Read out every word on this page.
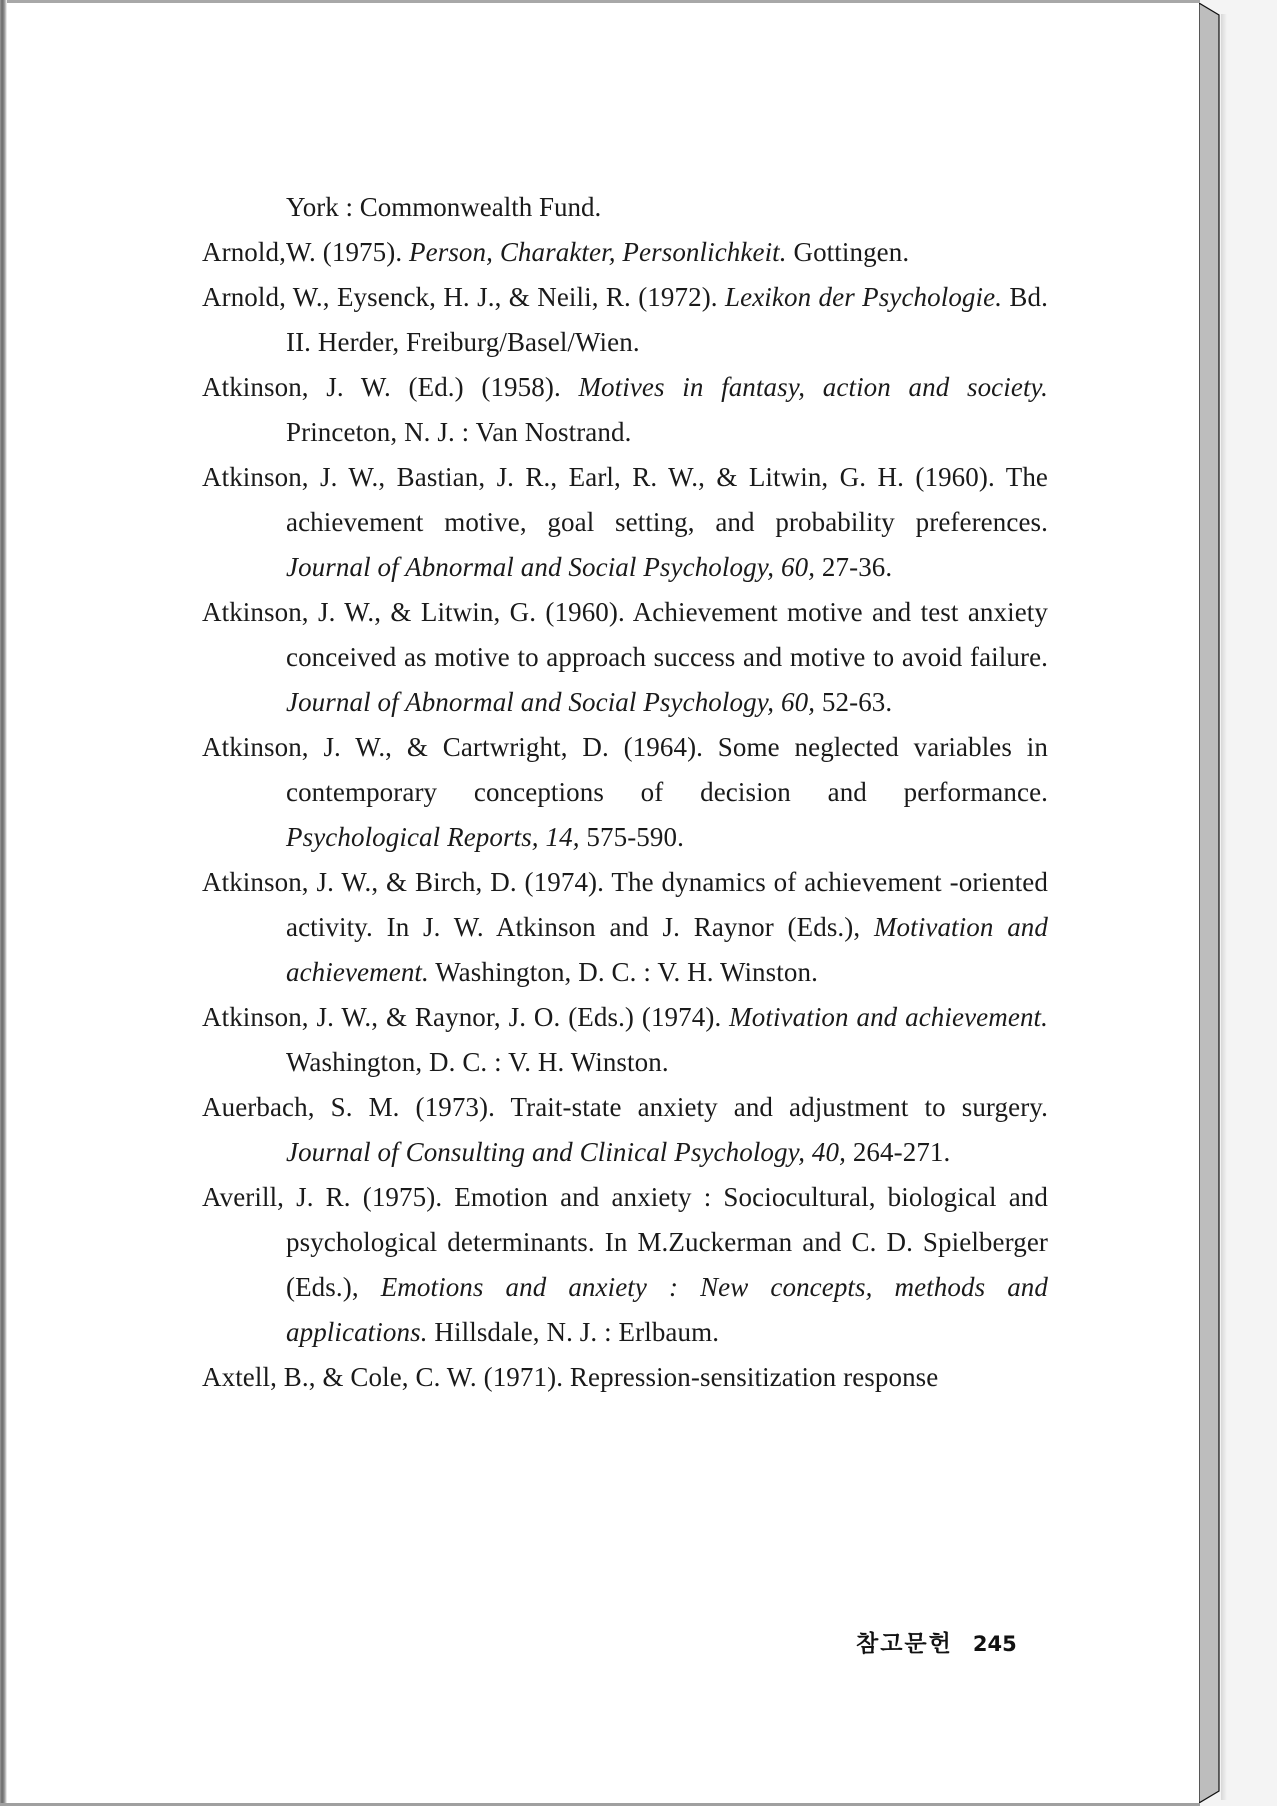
York : Commonwealth Fund.

Arnold,W. (1975). Person, Charakter, Personlichkeit. Gottingen.

Arnold, W., Eysenck, H. J., & Neili, R. (1972). Lexikon der Psychologie. Bd. II. Herder, Freiburg/Basel/Wien.

Atkinson, J. W. (Ed.) (1958). Motives in fantasy, action and society. Princeton, N. J. : Van Nostrand.

Atkinson, J. W., Bastian, J. R., Earl, R. W., & Litwin, G. H. (1960). The achievement motive, goal setting, and probability preferences. Journal of Abnormal and Social Psychology, 60, 27-36.

Atkinson, J. W., & Litwin, G. (1960). Achievement motive and test anxiety conceived as motive to approach success and motive to avoid failure. Journal of Abnormal and Social Psychology, 60, 52-63.

Atkinson, J. W., & Cartwright, D. (1964). Some neglected variables in contemporary conceptions of decision and performance. Psychological Reports, 14, 575-590.

Atkinson, J. W., & Birch, D. (1974). The dynamics of achievement -oriented activity. In J. W. Atkinson and J. Raynor (Eds.), Motivation and achievement. Washington, D. C. : V. H. Winston.

Atkinson, J. W., & Raynor, J. O. (Eds.) (1974). Motivation and achievement. Washington, D. C. : V. H. Winston.

Auerbach, S. M. (1973). Trait-state anxiety and adjustment to surgery. Journal of Consulting and Clinical Psychology, 40, 264-271.

Averill, J. R. (1975). Emotion and anxiety : Sociocultural, biological and psychological determinants. In M.Zuckerman and C. D. Spielberger (Eds.), Emotions and anxiety : New concepts, methods and applications. Hillsdale, N. J. : Erlbaum.

Axtell, B., & Cole, C. W. (1971). Repression-sensitization response

참고문헌 245
